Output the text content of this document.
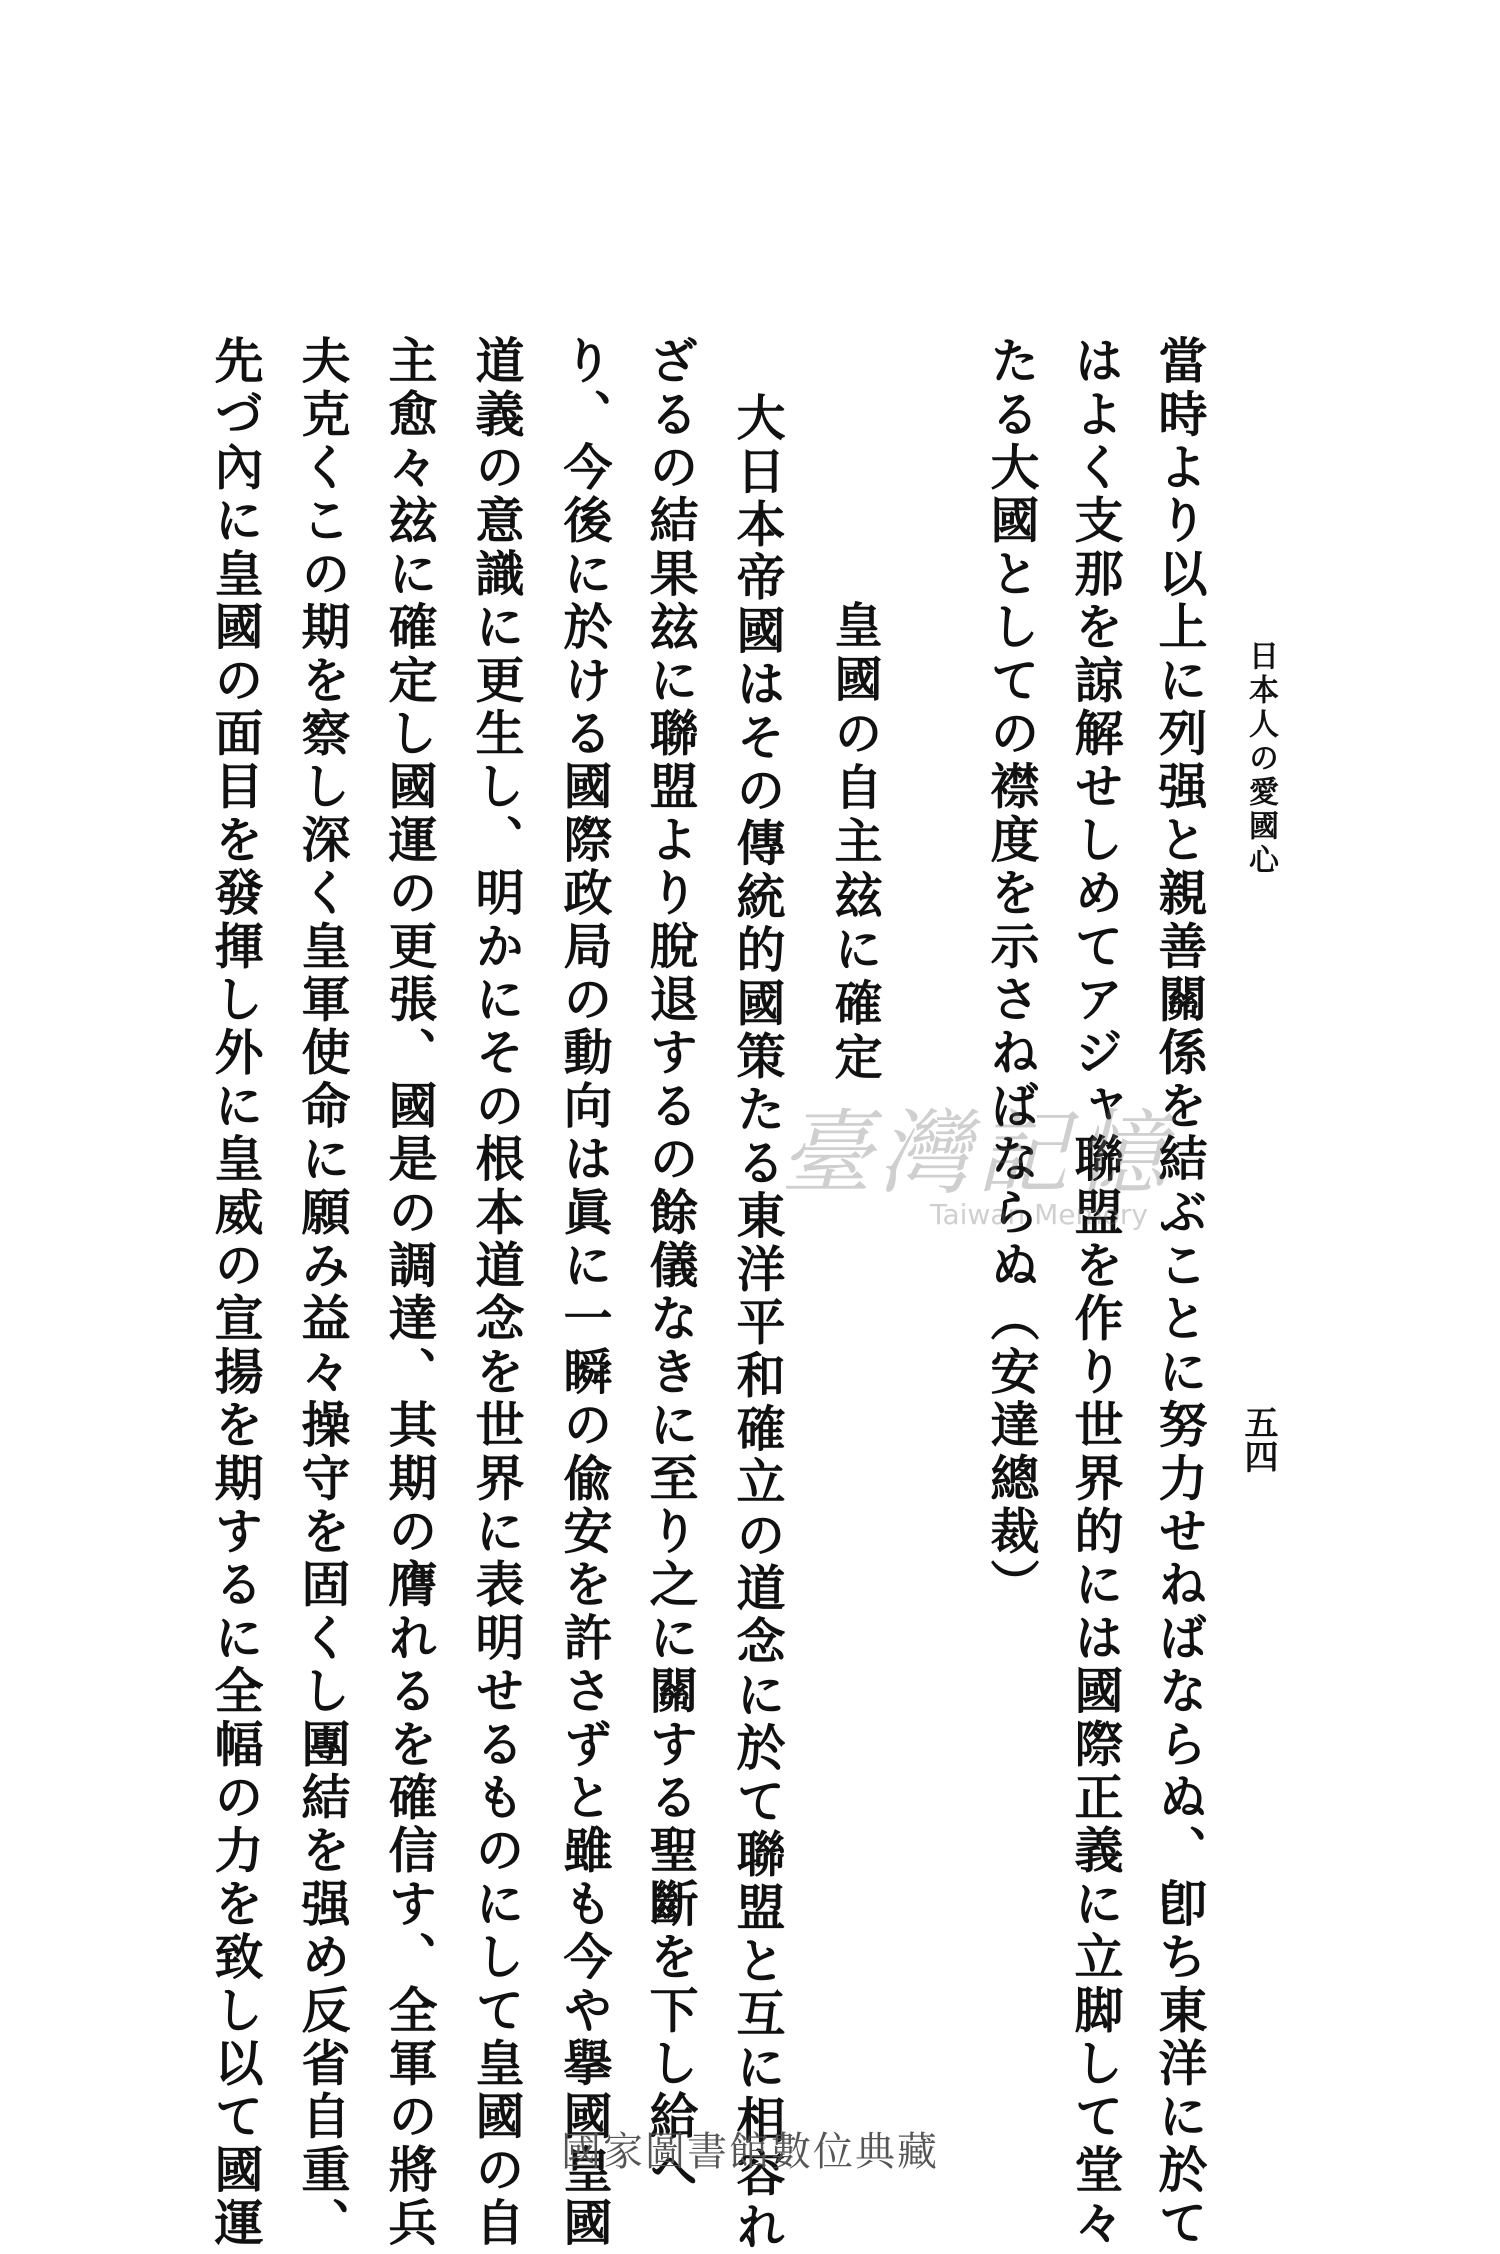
日本人の愛國心
五四
當時より以上に列强と親善關係を結ぶことに努力せねばならぬ、卽ち東洋に於て
はよく支那を諒解せしめてアジャ聯盟を作り世界的には國際正義に立脚して堂々
たる大國としての襟度を示さねばならぬ（安達總裁）
皇國の自主玆に確定
大日本帝國はその傳統的國策たる東洋平和確立の道念に於て聯盟と互に相容れ
ざるの結果玆に聯盟より脫退するの餘儀なきに至り之に關する聖斷を下し給へ
り、今後に於ける國際政局の動向は眞に一瞬の偸安を許さずと雖も今や擧國皇國
道義の意識に更生し、明かにその根本道念を世界に表明せるものにして皇國の自
主愈々玆に確定し國運の更張、國是の調達、其期の膺れるを確信す、全軍の將兵
夫克くこの期を察し深く皇軍使命に願み益々操守を固くし團結を强め反省自重、
先づ內に皇國の面目を發揮し外に皇威の宣揚を期するに全幅の力を致し以て國運	臺灣記憶
Taiwan Memory
國家圖書館數位典藏
